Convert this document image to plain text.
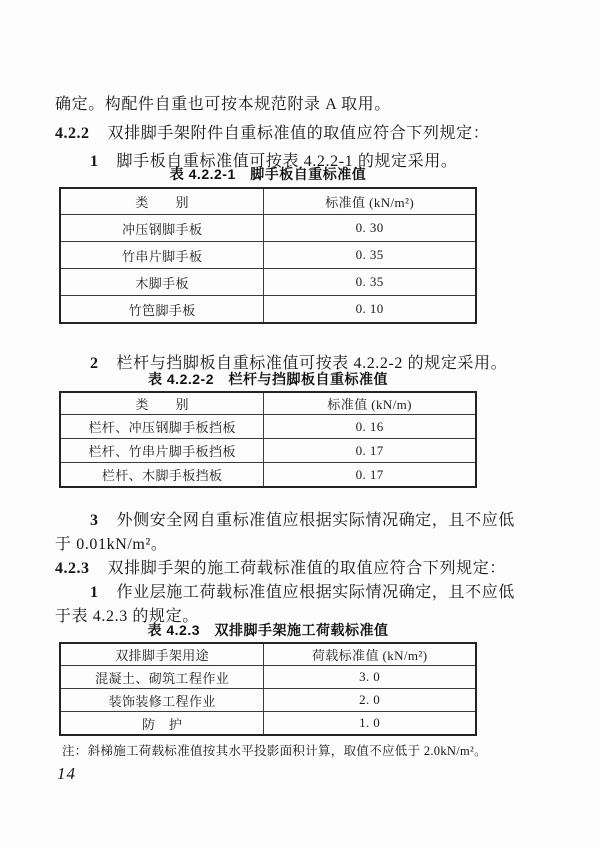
确定。构配件自重也可按本规范附录 A 取用。

4.2.2 双排脚手架附件自重标准值的取值应符合下列规定：

1 脚手板自重标准值可按表 4.2.2-1 的规定采用。

表 4.2.2-1　脚手板自重标准值
类　　别	标准值 (kN/m²)
冲压钢脚手板	0. 30
竹串片脚手板	0. 35
木脚手板	0. 35
竹笆脚手板	0. 10

2 栏杆与挡脚板自重标准值可按表 4.2.2-2 的规定采用。

表 4.2.2-2　栏杆与挡脚板自重标准值
类　　别	标准值 (kN/m)
栏杆、冲压钢脚手板挡板	0. 16
栏杆、竹串片脚手板挡板	0. 17
栏杆、木脚手板挡板	0. 17

3 外侧安全网自重标准值应根据实际情况确定，且不应低

于 0.01kN/m²。

4.2.3 双排脚手架的施工荷载标准值的取值应符合下列规定：

1 作业层施工荷载标准值应根据实际情况确定，且不应低

于表 4.2.3 的规定。

表 4.2.3　双排脚手架施工荷载标准值
双排脚手架用途	荷载标准值 (kN/m²)
混凝土、砌筑工程作业	3. 0
装饰装修工程作业	2. 0
防　护	1. 0
注：斜梯施工荷载标准值按其水平投影面积计算，取值不应低于 2.0kN/m²。
14
